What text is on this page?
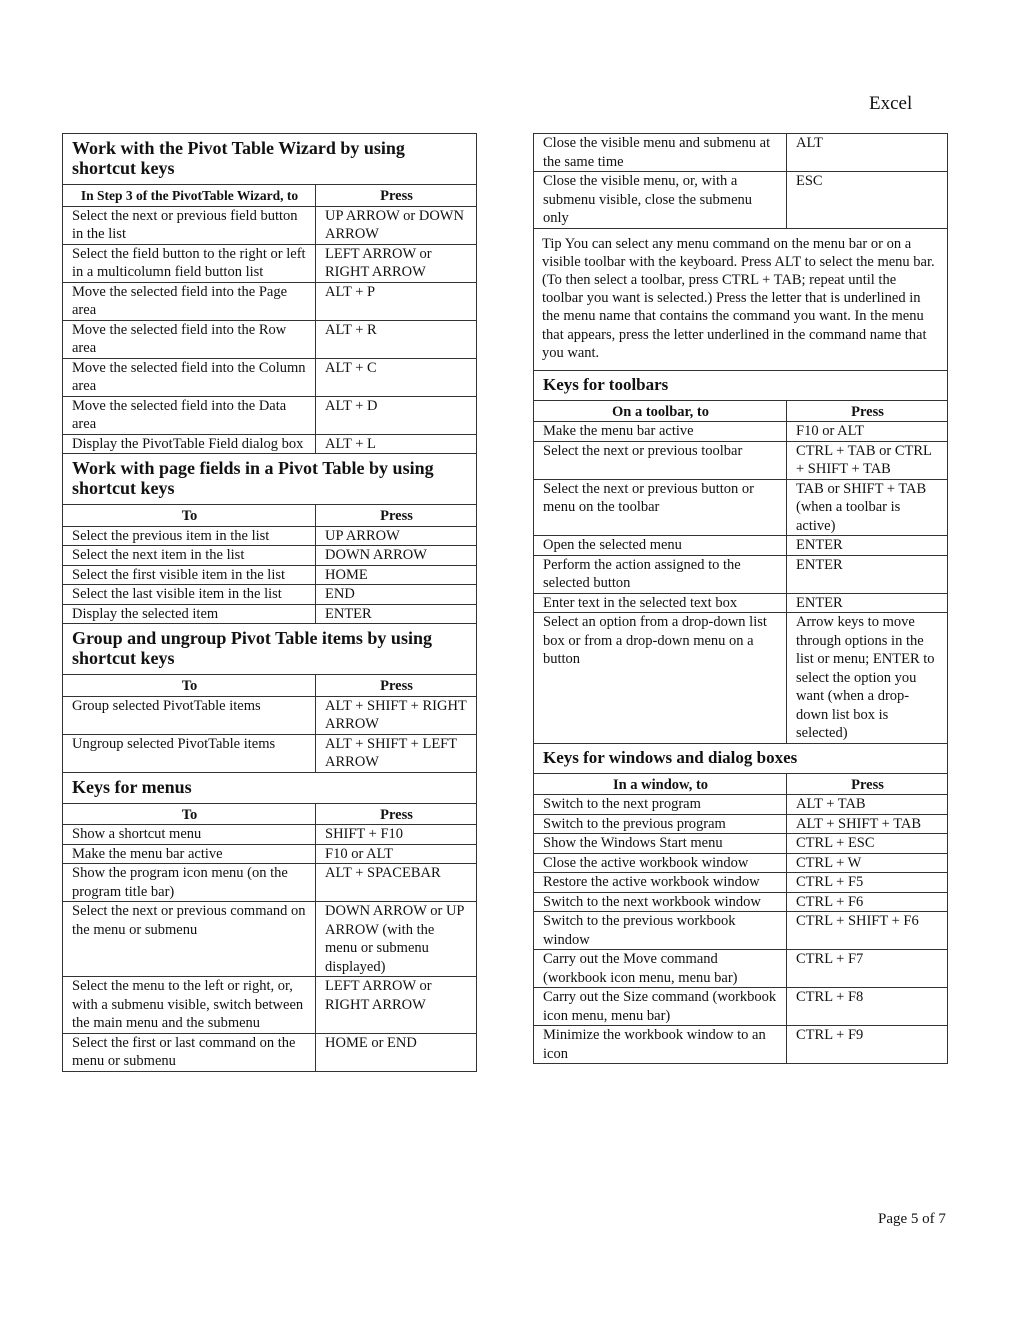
Excel
Work with the Pivot Table Wizard by using shortcut keys
In Step 3 of the PivotTable Wizard, to	Press
Select the next or previous field button in the list	UP ARROW or DOWN ARROW
Select the field button to the right or left in a multicolumn field button list	LEFT ARROW or RIGHT ARROW
Move the selected field into the Page area	ALT + P
Move the selected field into the Row area	ALT + R
Move the selected field into the Column area	ALT + C
Move the selected field into the Data area	ALT + D
Display the PivotTable Field dialog box	ALT + L
Work with page fields in a Pivot Table by using shortcut keys
To	Press
Select the previous item in the list	UP ARROW
Select the next item in the list	DOWN ARROW
Select the first visible item in the list	HOME
Select the last visible item in the list	END
Display the selected item	ENTER
Group and ungroup Pivot Table items by using shortcut keys
To	Press
Group selected PivotTable items	ALT + SHIFT + RIGHT ARROW
Ungroup selected PivotTable items	ALT + SHIFT + LEFT ARROW
Keys for menus
To	Press
Show a shortcut menu	SHIFT + F10
Make the menu bar active	F10 or ALT
Show the program icon menu (on the program title bar)	ALT + SPACEBAR
Select the next or previous command on the menu or submenu	DOWN ARROW or UP ARROW (with the menu or submenu displayed)
Select the menu to the left or right, or, with a submenu visible, switch between the main menu and the submenu	LEFT ARROW or RIGHT ARROW
Select the first or last command on the menu or submenu	HOME or END
Close the visible menu and submenu at the same time	ALT
Close the visible menu, or, with a submenu visible, close the submenu only	ESC
Tip You can select any menu command on the menu bar or on a visible toolbar with the keyboard. Press ALT to select the menu bar. (To then select a toolbar, press CTRL + TAB; repeat until the toolbar you want is selected.) Press the letter that is underlined in the menu name that contains the command you want. In the menu that appears, press the letter underlined in the command name that you want.
Keys for toolbars
On a toolbar, to	Press
Make the menu bar active	F10 or ALT
Select the next or previous toolbar	CTRL + TAB or CTRL + SHIFT + TAB
Select the next or previous button or menu on the toolbar	TAB or SHIFT + TAB (when a toolbar is active)
Open the selected menu	ENTER
Perform the action assigned to the selected button	ENTER
Enter text in the selected text box	ENTER
Select an option from a drop-down list box or from a drop-down menu on a button	Arrow keys to move through options in the list or menu; ENTER to select the option you want (when a drop-down list box is selected)
Keys for windows and dialog boxes
In a window, to	Press
Switch to the next program	ALT + TAB
Switch to the previous program	ALT + SHIFT + TAB
Show the Windows Start menu	CTRL + ESC
Close the active workbook window	CTRL + W
Restore the active workbook window	CTRL + F5
Switch to the next workbook window	CTRL + F6
Switch to the previous workbook window	CTRL + SHIFT + F6
Carry out the Move command (workbook icon menu, menu bar)	CTRL + F7
Carry out the Size command (workbook icon menu, menu bar)	CTRL + F8
Minimize the workbook window to an icon	CTRL + F9
Page 5 of 7
